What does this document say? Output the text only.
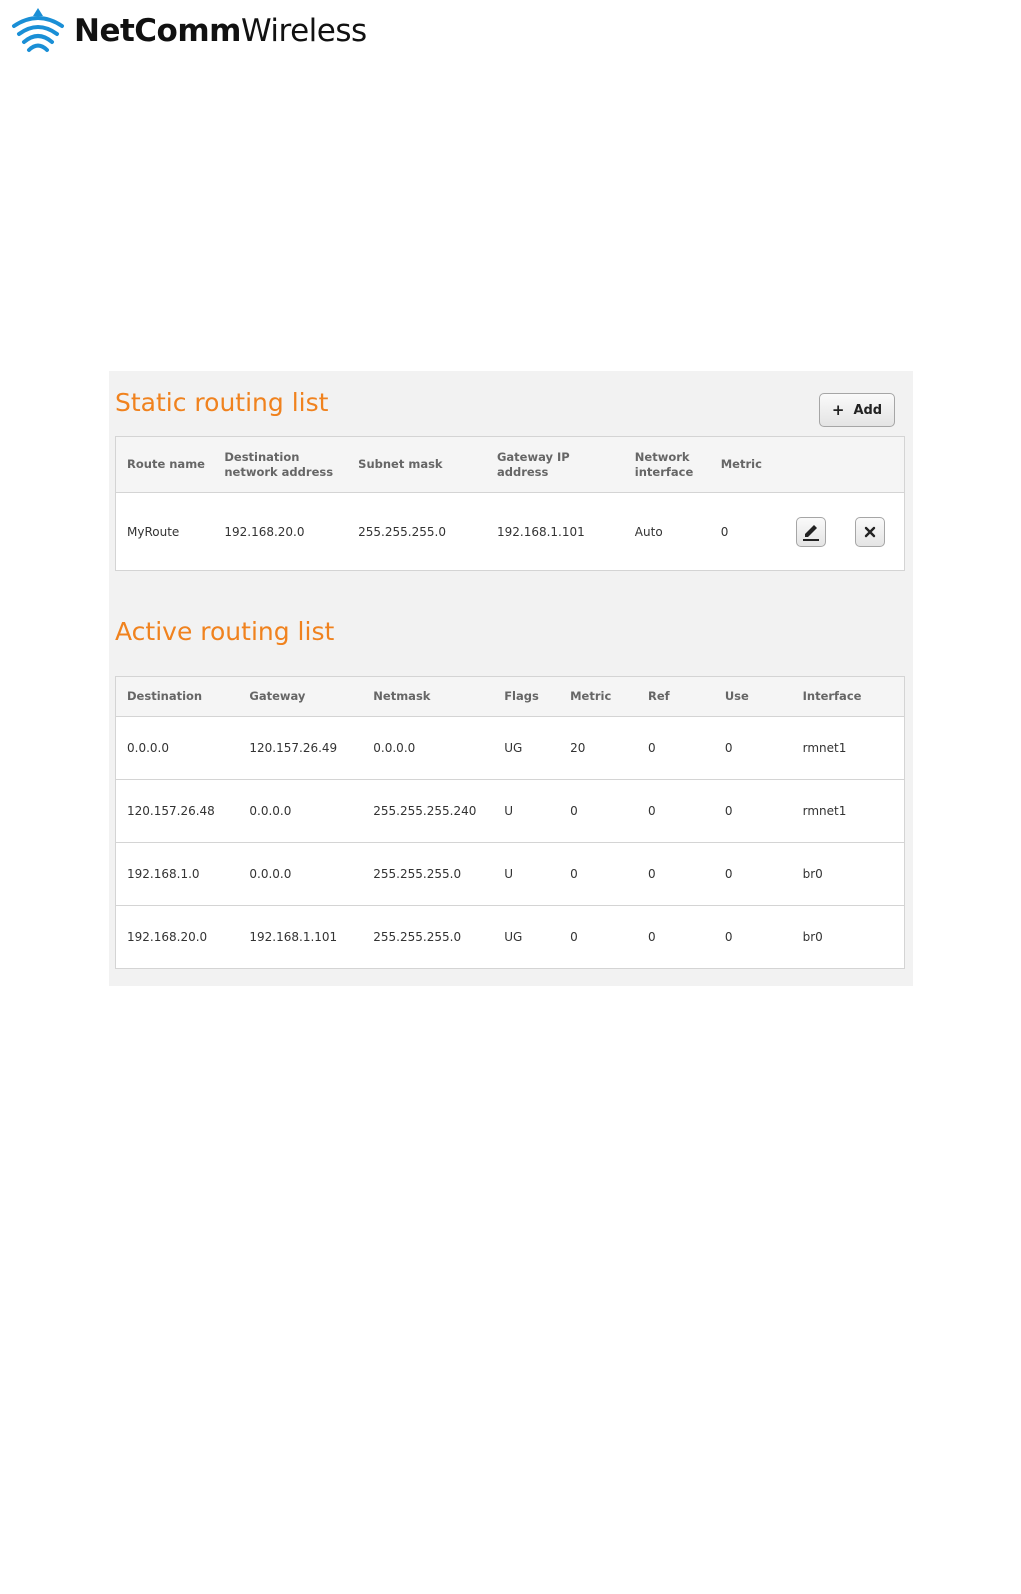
NetCommWireless
Static routing list	+ Add
Route name	Destination network address	Subnet mask	Gateway IP address	Network interface	Metric		
MyRoute	192.168.20.0	255.255.255.0	192.168.1.101	Auto	0	

Active routing list
Destination	Gateway	Netmask	Flags	Metric	Ref	Use	Interface
0.0.0.0	120.157.26.49	0.0.0.0	UG	20	0	0	rmnet1
120.157.26.48	0.0.0.0	255.255.255.240	U	0	0	0	rmnet1
192.168.1.0	0.0.0.0	255.255.255.0	U	0	0	0	br0
192.168.20.0	192.168.1.101	255.255.255.0	UG	0	0	0	br0
